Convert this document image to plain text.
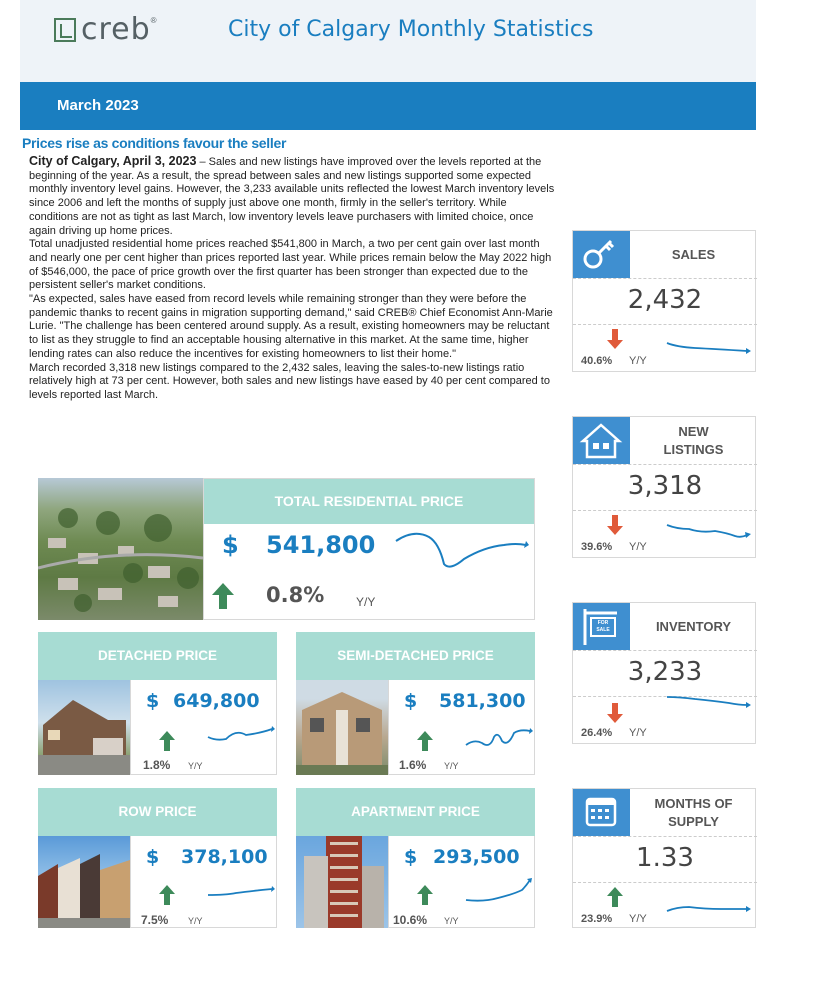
creb ®	City of Calgary Monthly Statistics
March 2023
Prices rise as conditions favour the seller

City of Calgary, April 3, 2023 – Sales and new listings have improved over the levels reported at the beginning of the year. As a result, the spread between sales and new listings supported some expected monthly inventory level gains. However, the 3,233 available units reflected the lowest March inventory levels since 2006 and left the months of supply just above one month, firmly in the seller's territory. While conditions are not as tight as last March, low inventory levels leave purchasers with limited choice, once again driving up home prices.

Total unadjusted residential home prices reached $541,800 in March, a two per cent gain over last month and nearly one per cent higher than prices reported last year. While prices remain below the May 2022 high of $546,000, the pace of price growth over the first quarter has been stronger than expected due to the persistent seller's market conditions.

"As expected, sales have eased from record levels while remaining stronger than they were before the pandemic thanks to recent gains in migration supporting demand," said CREB® Chief Economist Ann-Marie Lurie. "The challenge has been centered around supply. As a result, existing homeowners may be reluctant to list as they struggle to find an acceptable housing alternative in this market. At the same time, higher lending rates can also reduce the incentives for existing homeowners to list their home."

March recorded 3,318 new listings compared to the 2,432 sales, leaving the sales-to-new listings ratio relatively high at 73 per cent. However, both sales and new listings have eased by 40 per cent compared to levels reported last March.

TOTAL RESIDENTIAL PRICE
$ 541,800
0.8%	Y/Y
DETACHED PRICE
$ 649,800
1.8% Y/Y
SEMI-DETACHED PRICE
$ 581,300
1.6% Y/Y
ROW PRICE
$ 378,100
7.5% Y/Y
APARTMENT PRICE
$ 293,500
10.6% Y/Y
SALES
2,432
40.6% Y/Y
NEW LISTINGS
3,318
39.6% Y/Y
FOR SALE	INVENTORY
3,233
26.4% Y/Y
MONTHS OF SUPPLY
1.33
23.9% Y/Y
